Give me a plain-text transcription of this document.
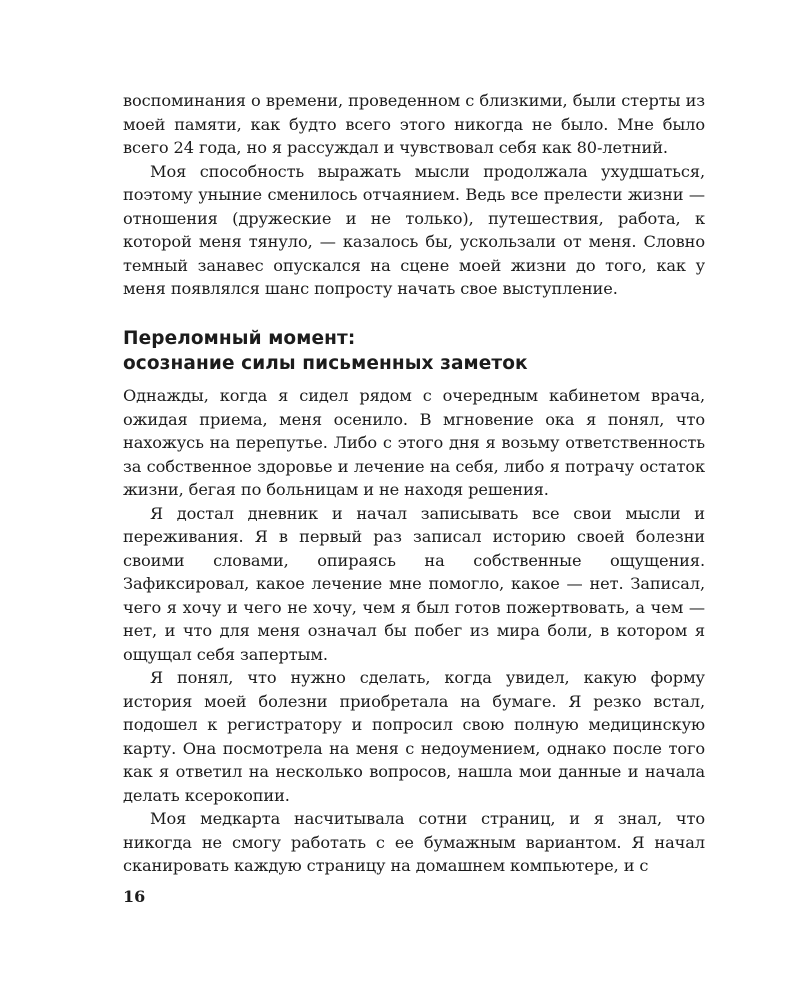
воспоминания о времени, проведенном с близкими, были стерты из моей памяти, как будто всего этого никогда не было. Мне было всего 24 года, но я рассуждал и чувствовал себя как 80-летний.

Моя способность выражать мысли продолжала ухудшаться, поэтому уныние сменилось отчаянием. Ведь все прелести жизни — отношения (дружеские и не только), путешествия, работа, к которой меня тянуло, — казалось бы, ускользали от меня. Словно темный занавес опускался на сцене моей жизни до того, как у меня появлялся шанс попросту начать свое выступление.

Переломный момент:
осознание силы письменных заметок

Однажды, когда я сидел рядом с очередным кабинетом врача, ожидая приема, меня осенило. В мгновение ока я понял, что нахожусь на перепутье. Либо с этого дня я возьму ответственность за собственное здоровье и лечение на себя, либо я потрачу остаток жизни, бегая по больницам и не находя решения.

Я достал дневник и начал записывать все свои мысли и переживания. Я в первый раз записал историю своей болезни своими словами, опираясь на собственные ощущения. Зафиксировал, какое лечение мне помогло, какое — нет. Записал, чего я хочу и чего не хочу, чем я был готов пожертвовать, а чем — нет, и что для меня означал бы побег из мира боли, в котором я ощущал себя запертым.

Я понял, что нужно сделать, когда увидел, какую форму история моей болезни приобретала на бумаге. Я резко встал, подошел к регистратору и попросил свою полную медицинскую карту. Она посмотрела на меня с недоумением, однако после того как я ответил на несколько вопросов, нашла мои данные и начала делать ксерокопии.

Моя медкарта насчитывала сотни страниц, и я знал, что никогда не смогу работать с ее бумажным вариантом. Я начал сканировать каждую страницу на домашнем компьютере, и с

16
